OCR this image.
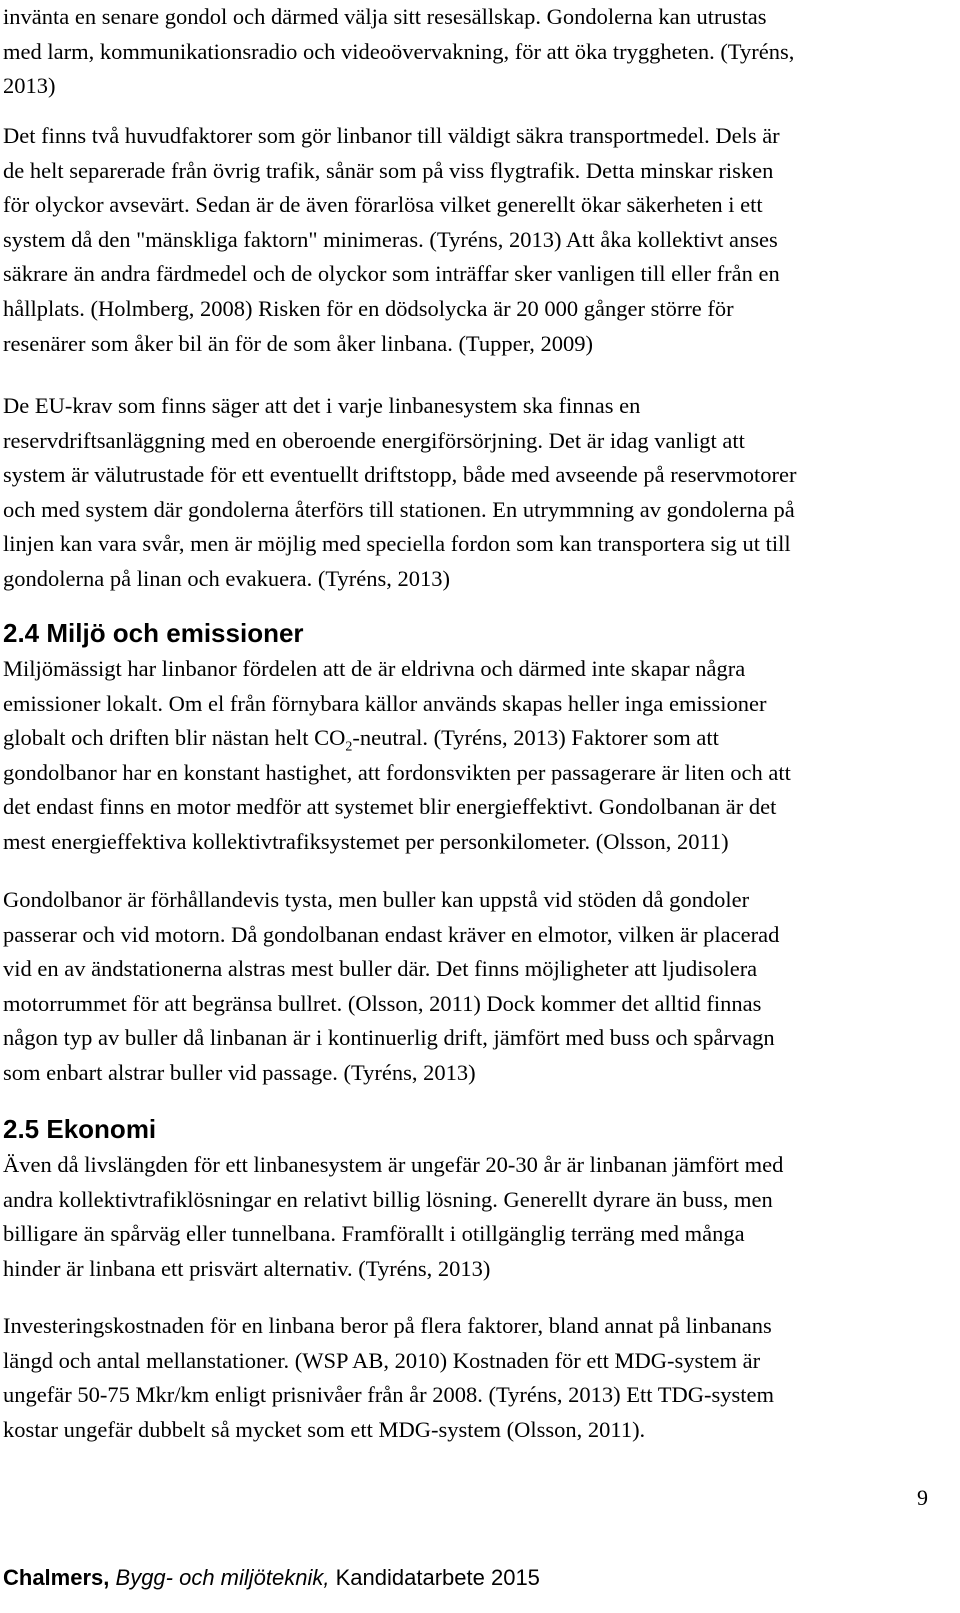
invänta en senare gondol och därmed välja sitt resesällskap. Gondolerna kan utrustas
med larm, kommunikationsradio och videoövervakning, för att öka tryggheten. (Tyréns,
2013)
Det finns två huvudfaktorer som gör linbanor till väldigt säkra transportmedel. Dels är
de helt separerade från övrig trafik, sånär som på viss flygtrafik. Detta minskar risken
för olyckor avsevärt. Sedan är de även förarlösa vilket generellt ökar säkerheten i ett
system då den "mänskliga faktorn" minimeras. (Tyréns, 2013) Att åka kollektivt anses
säkrare än andra färdmedel och de olyckor som inträffar sker vanligen till eller från en
hållplats. (Holmberg, 2008) Risken för en dödsolycka är 20 000 gånger större för
resenärer som åker bil än för de som åker linbana. (Tupper, 2009)
De EU-krav som finns säger att det i varje linbanesystem ska finnas en
reservdriftsanläggning med en oberoende energiförsörjning. Det är idag vanligt att
system är välutrustade för ett eventuellt driftstopp, både med avseende på reservmotorer
och med system där gondolerna återförs till stationen. En utrymmning av gondolerna på
linjen kan vara svår, men är möjlig med speciella fordon som kan transportera sig ut till
gondolerna på linan och evakuera. (Tyréns, 2013)
2.4 Miljö och emissioner
Miljömässigt har linbanor fördelen att de är eldrivna och därmed inte skapar några
emissioner lokalt. Om el från förnybara källor används skapas heller inga emissioner
globalt och driften blir nästan helt $CO_2$-neutral. (Tyréns, 2013) Faktorer som att
gondolbanor har en konstant hastighet, att fordonsvikten per passagerare är liten och att
det endast finns en motor medför att systemet blir energieffektivt. Gondolbanan är det
mest energieffektiva kollektivtrafiksystemet per personkilometer. (Olsson, 2011)
Gondolbanor är förhållandevis tysta, men buller kan uppstå vid stöden då gondoler
passerar och vid motorn. Då gondolbanan endast kräver en elmotor, vilken är placerad
vid en av ändstationerna alstras mest buller där. Det finns möjligheter att ljudisolera
motorrummet för att begränsa bullret. (Olsson, 2011) Dock kommer det alltid finnas
någon typ av buller då linbanan är i kontinuerlig drift, jämfört med buss och spårvagn
som enbart alstrar buller vid passage. (Tyréns, 2013)
2.5 Ekonomi
Även då livslängden för ett linbanesystem är ungefär 20-30 år är linbanan jämfört med
andra kollektivtrafiklösningar en relativt billig lösning. Generellt dyrare än buss, men
billigare än spårväg eller tunnelbana. Framförallt i otillgänglig terräng med många
hinder är linbana ett prisvärt alternativ. (Tyréns, 2013)
Investeringskostnaden för en linbana beror på flera faktorer, bland annat på linbanans
längd och antal mellanstationer. (WSP AB, 2010) Kostnaden för ett MDG-system är
ungefär 50-75 Mkr/km enligt prisnivåer från år 2008. (Tyréns, 2013) Ett TDG-system
kostar ungefär dubbelt så mycket som ett MDG-system (Olsson, 2011).
9
Chalmers, Bygg- och miljöteknik, Kandidatarbete 2015
